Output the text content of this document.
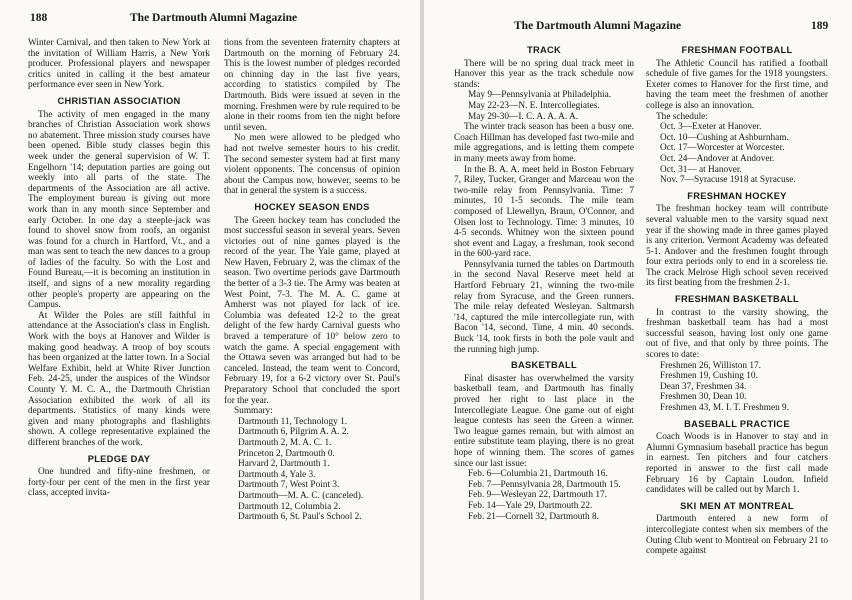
188	The Dartmouth Alumni Magazine

Winter Carnival, and then taken to New York at the invitation of William Harris, a New York producer. Professional players and newspaper critics united in calling it the best amateur performance ever seen in New York.

CHRISTIAN ASSOCIATION

The activity of men engaged in the many branches of Christian Association work shows no abatement. Three mission study courses have been opened. Bible study classes begin this week under the general supervision of W. T. Engelhorn '14; deputation parties are going out weekly into all parts of the state. The departments of the Association are all active. The employment bureau is giving out more work than in any month since September and early October. In one day a steeple-jack was found to shovel snow from roofs, an organist was found for a church in Hartford, Vt., and a man was sent to teach the new dances to a group of ladies of the faculty. So with the Lost and Found Bureau,—it is becoming an institution in itself, and signs of a new morality regarding other people's property are appearing on the Campus.

At Wilder the Poles are still faithful in attendance at the Association's class in English. Work with the boys at Hanover and Wilder is making good headway. A troop of boy scouts has been organized at the latter town. In a Social Welfare Exhibit, held at White River Junction Feb. 24-25, under the auspices of the Windsor County Y. M. C. A., the Dartmouth Christian Association exhibited the work of all its departments. Statistics of many kinds were given and many photographs and flashlights shown. A college representative explained the different branches of the work.

PLEDGE DAY

One hundred and fifty-nine freshmen, or forty-four per cent of the men in the first year class, accepted invita-

tions from the seventeen fraternity chapters at Dartmouth on the morning of February 24. This is the lowest number of pledges recorded on chinning day in the last five years, according to statistics compiled by The Dartmouth. Bids were issued at seven in the morning. Freshmen were by rule required to be alone in their rooms from ten the night before until seven.

No men were allowed to be pledged who had not twelve semester hours to his credit. The second semester system had at first many violent opponents. The concensus of opinion about the Campus now, however, seems to be that in general the system is a success.

HOCKEY SEASON ENDS

The Green hockey team has concluded the most successful season in several years. Seven victories out of nine games played is the record of the year. The Yale game, played at New Haven, February 2, was the climax of the season. Two overtime periods gave Dartmouth the better of a 3-3 tie. The Army was beaten at West Point, 7-3. The M. A. C. game at Amherst was not played for lack of ice. Columbia was defeated 12-2 to the great delight of the few hardy Carnival guests who braved a temperature of 10° below zero to watch the game. A special engagement with the Ottawa seven was arranged but had to be canceled. Instead, the team went to Concord, February 19, for a 6-2 victory over St. Paul's Preparatory School that concluded the sport for the year.

Summary:

Dartmouth 11, Technology 1.
Dartmouth 6, Pilgrim A. A. 2.
Dartmouth 2, M. A. C. 1.
Princeton 2, Dartmouth 0.
Harvard 2, Dartmouth 1.
Dartmouth 4, Yale 3.
Dartmouth 7, West Point 3.
Dartmouth—M. A. C. (canceled).
Dartmouth 12, Columbia 2.
Dartmouth 6, St. Paul's School 2.
The Dartmouth Alumni Magazine	189
TRACK

There will be no spring dual track meet in Hanover this year as the track schedule now stands:

May 9—Pennsylvania at Philadelphia.
May 22-23—N. E. Intercollegiates.
May 29-30—I. C. A. A. A. A.

The winter track season has been a busy one. Coach Hillman has developed fast two-mile and mile aggregations, and is letting them compete in many meets away from home.

In the B. A. A. meet held in Boston February 7, Riley, Tucker, Granger and Marceau won the two-mile relay from Pennsylvania. Time: 7 minutes, 10 1-5 seconds. The mile team composed of Llewellyn, Braun, O'Connor, and Olsen lost to Technology. Time: 3 minutes, 10 4-5 seconds. Whitney won the sixteen pound shot event and Lagay, a freshman, took second in the 600-yard race.

Pennsylvania turned the tables on Dartmouth in the second Naval Reserve meet held at Hartford February 21, winning the two-mile relay from Syracuse, and the Green runners. The mile relay defeated Wesleyan. Saltmarsh '14, captured the mile intercollegiate run, with Bacon '14, second. Time, 4 min. 40 seconds. Buck '14, took firsts in both the pole vault and the running high jump.

BASKETBALL

Final disaster has overwhelmed the varsity basketball team, and Dartmouth has finally proved her right to last place in the Intercollegiate League. One game out of eight league contests has seen the Green a winner. Two league games remain, but with almost an entire substitute team playing, there is no great hope of winning them. The scores of games since our last issue:

Feb. 6—Columbia 21, Dartmouth 16.
Feb. 7—Pennsylvania 28, Dartmouth 15.
Feb. 9—Wesleyan 22, Dartmouth 17.
Feb. 14—Yale 29, Dartmouth 22.
Feb. 21—Cornell 32, Dartmouth 8.
FRESHMAN FOOTBALL

The Athletic Council has ratified a football schedule of five games for the 1918 youngsters. Exeter comes to Hanover for the first time, and having the team meet the freshmen of another college is also an innovation.

The schedule:

Oct. 3—Exeter at Hanover.
Oct. 10—Cushing at Ashburnham.
Oct. 17—Worcester at Worcester.
Oct. 24—Andover at Andover.
Oct. 31— at Hanover.
Nov. 7—Syracuse 1918 at Syracuse.
FRESHMAN HOCKEY

The freshman hockey team will contribute several valuable men to the varsity squad next year if the showing made in three games played is any criterion. Vermont Academy was defeated 5-1. Andover and the freshmen fought through four extra periods only to end in a scoreless tie. The crack Melrose High school seven received its first beating from the freshmen 2-1.

FRESHMAN BASKETBALL

In contrast to the varsity showing, the freshman basketball team has had a most successful season, having lost only one game out of five, and that only by three points. The scores to date:

Freshmen 26, Williston 17.
Freshmen 19, Cushing 10.
Dean 37, Freshmen 34.
Freshmen 30, Dean 10.
Freshmen 43, M. I. T. Freshmen 9.
BASEBALL PRACTICE

Coach Woods is in Hanover to stay and in Alumni Gymnasium baseball practice has begun in earnest. Ten pitchers and four catchers reported in answer to the first call made February 16 by Captain Loudon. Infield candidates will be called out by March 1.

SKI MEN AT MONTREAL

Dartmouth entered a new form of intercollegiate contest when six members of the Outing Club went to Montreal on February 21 to compete against
